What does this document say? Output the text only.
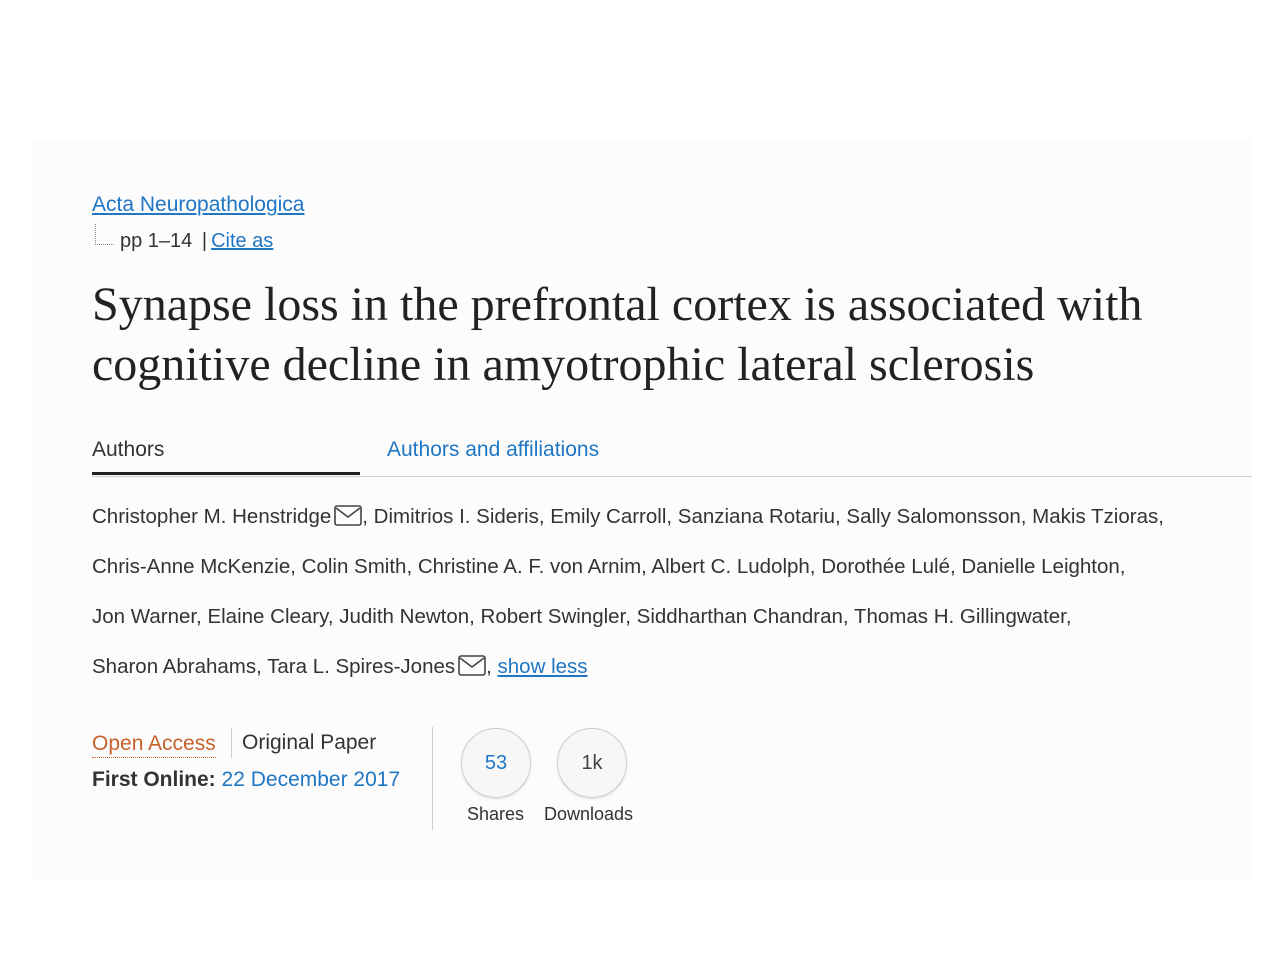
Acta Neuropathologica
pp 1–14 | Cite as
Synapse loss in the prefrontal cortex is associated with cognitive decline in amyotrophic lateral sclerosis
Authors	Authors and affiliations
Christopher M. Henstridge , Dimitrios I. Sideris, Emily Carroll, Sanziana Rotariu, Sally Salomonsson, Makis Tzioras,
Chris-Anne McKenzie, Colin Smith, Christine A. F. von Arnim, Albert C. Ludolph, Dorothée Lulé, Danielle Leighton,
Jon Warner, Elaine Cleary, Judith Newton, Robert Swingler, Siddharthan Chandran, Thomas H. Gillingwater,
Sharon Abrahams, Tara L. Spires-Jones , show less
Open Access Original Paper
First Online: 22 December 2017
53	1k
Shares Downloads
